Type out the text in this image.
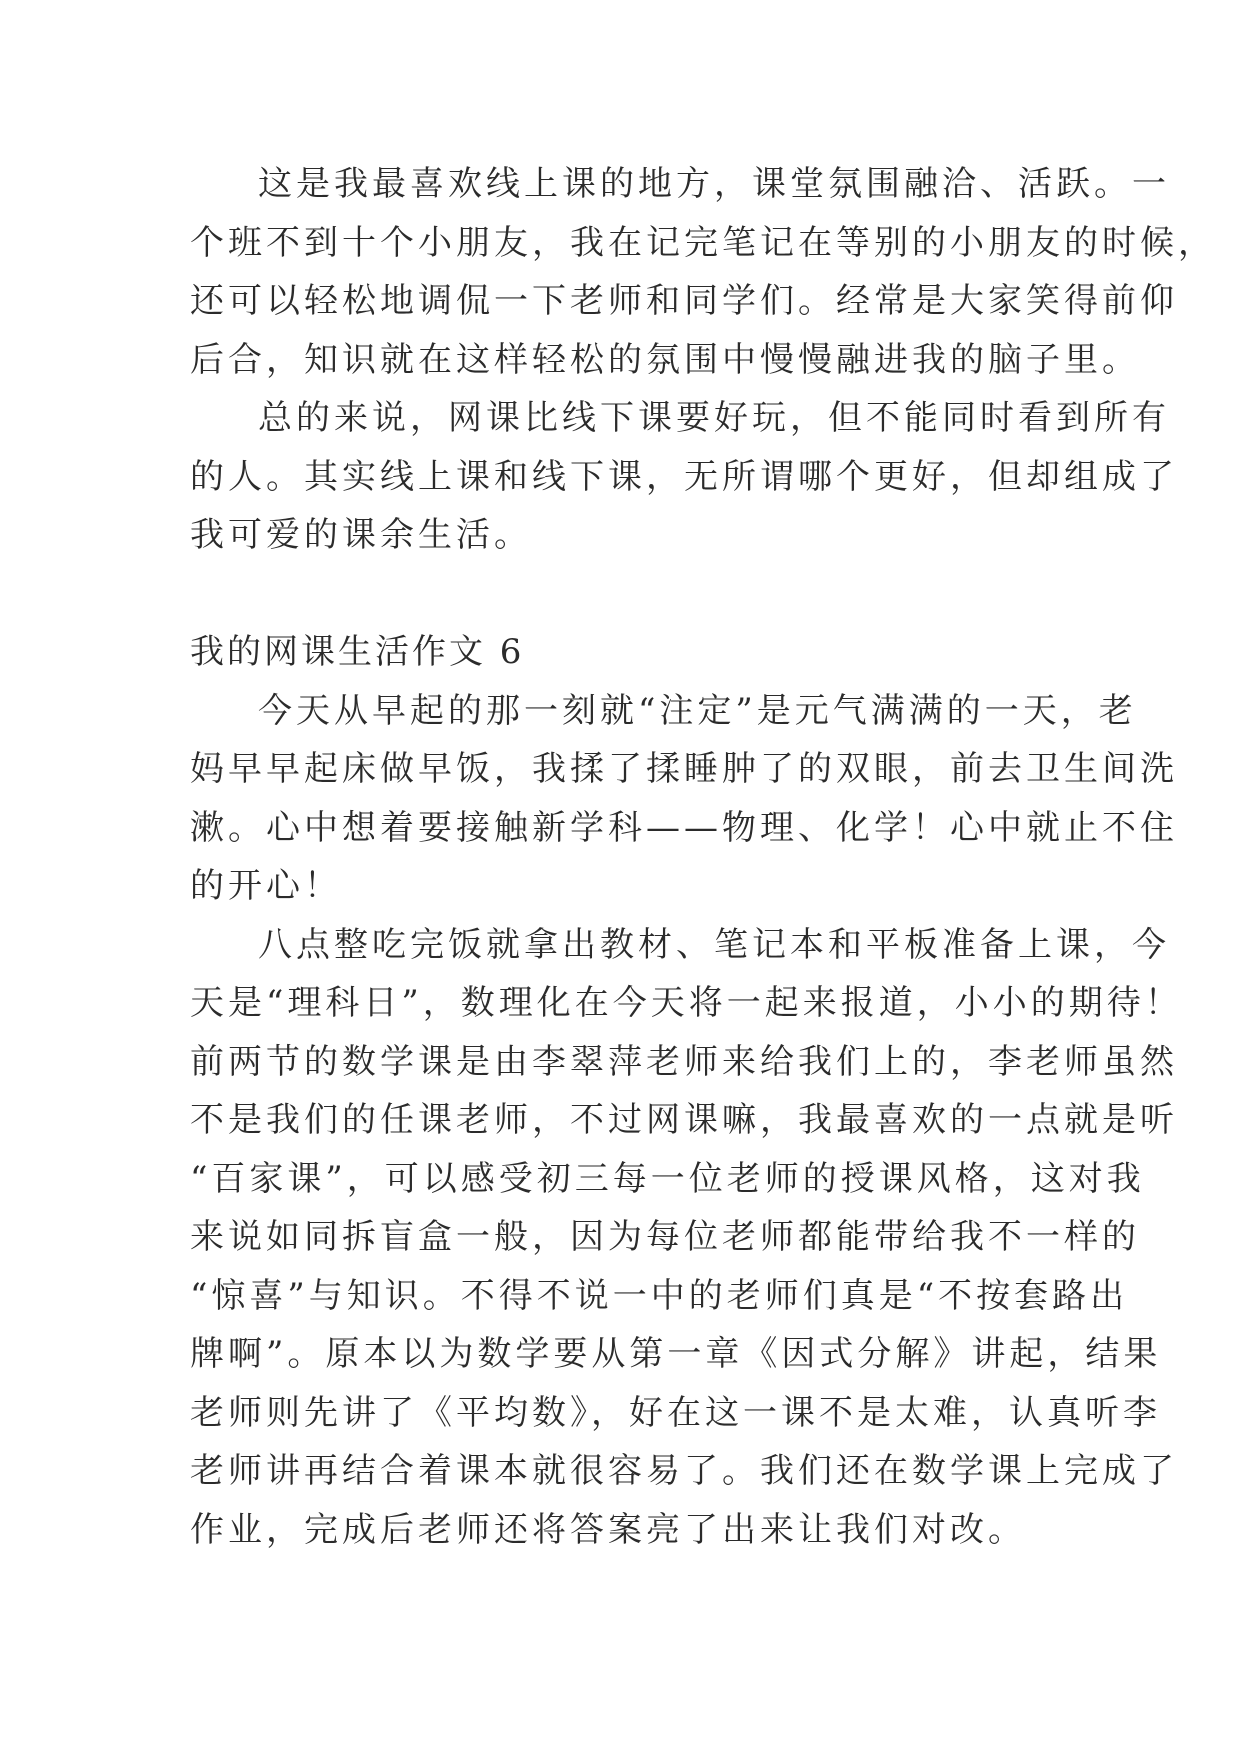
这是我最喜欢线上课的地方，课堂氛围融洽、活跃。一
个班不到十个小朋友，我在记完笔记在等别的小朋友的时候，
还可以轻松地调侃一下老师和同学们。经常是大家笑得前仰
后合，知识就在这样轻松的氛围中慢慢融进我的脑子里。
总的来说，网课比线下课要好玩，但不能同时看到所有
的人。其实线上课和线下课，无所谓哪个更好，但却组成了
我可爱的课余生活。
我的网课生活作文 6
今天从早起的那一刻就“注定”是元气满满的一天，老
妈早早起床做早饭，我揉了揉睡肿了的双眼，前去卫生间洗
漱。心中想着要接触新学科——物理、化学！心中就止不住
的开心！
八点整吃完饭就拿出教材、笔记本和平板准备上课，今
天是“理科日”，数理化在今天将一起来报道，小小的期待！
前两节的数学课是由李翠萍老师来给我们上的，李老师虽然
不是我们的任课老师，不过网课嘛，我最喜欢的一点就是听
“百家课”，可以感受初三每一位老师的授课风格，这对我
来说如同拆盲盒一般，因为每位老师都能带给我不一样的
“惊喜”与知识。不得不说一中的老师们真是“不按套路出
牌啊”。原本以为数学要从第一章《因式分解》讲起，结果
老师则先讲了《平均数》，好在这一课不是太难，认真听李
老师讲再结合着课本就很容易了。我们还在数学课上完成了
作业，完成后老师还将答案亮了出来让我们对改。
